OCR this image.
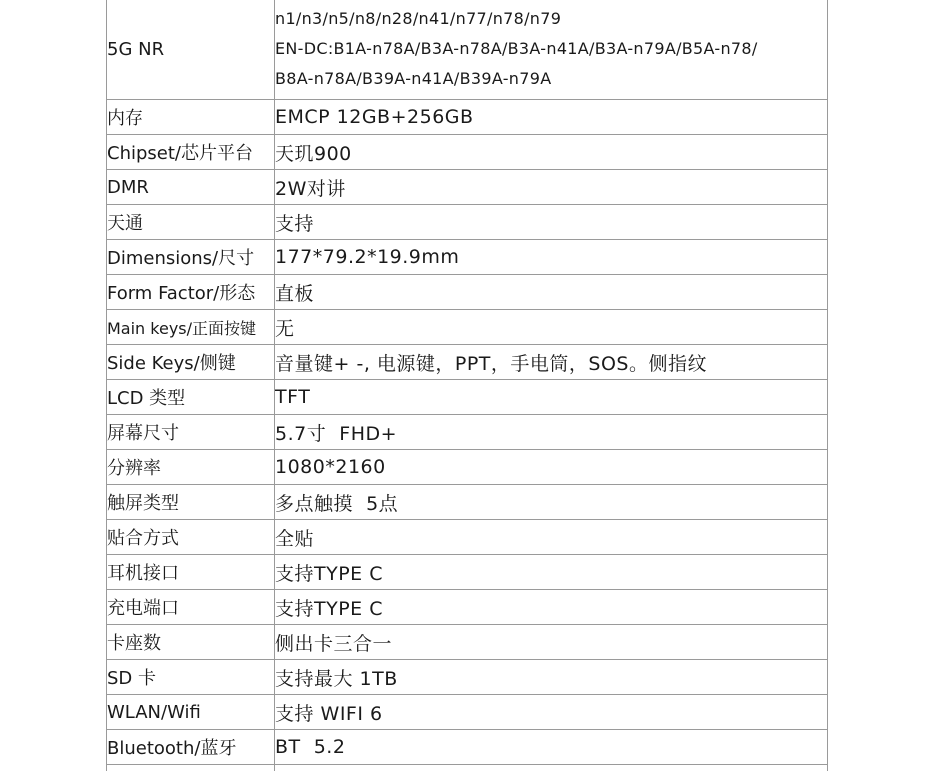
5G NR	n1/n3/n5/n8/n28/n41/n77/n78/n79
EN-DC:B1A-n78A/B3A-n78A/B3A-n41A/B3A-n79A/B5A-n78/
B8A-n78A/B39A-n41A/B39A-n79A

内存	EMCP 12GB+256GB
Chipset/芯片平台	天玑900
DMR	2W对讲
天通	支持
Dimensions/尺寸	177*79.2*19.9mm
Form Factor/形态	直板
Main keys/正面按键	无
Side Keys/侧键	音量键+ -, 电源键，PPT，手电筒，SOS。侧指纹
LCD 类型	TFT
屏幕尺寸	5.7寸  FHD+
分辨率	1080*2160
触屏类型	多点触摸  5点
贴合方式	全贴
耳机接口	支持TYPE C
充电端口	支持TYPE C
卡座数	侧出卡三合一
SD 卡	支持最大 1TB
WLAN/Wifi	支持 WIFI 6
Bluetooth/蓝牙	BT  5.2
